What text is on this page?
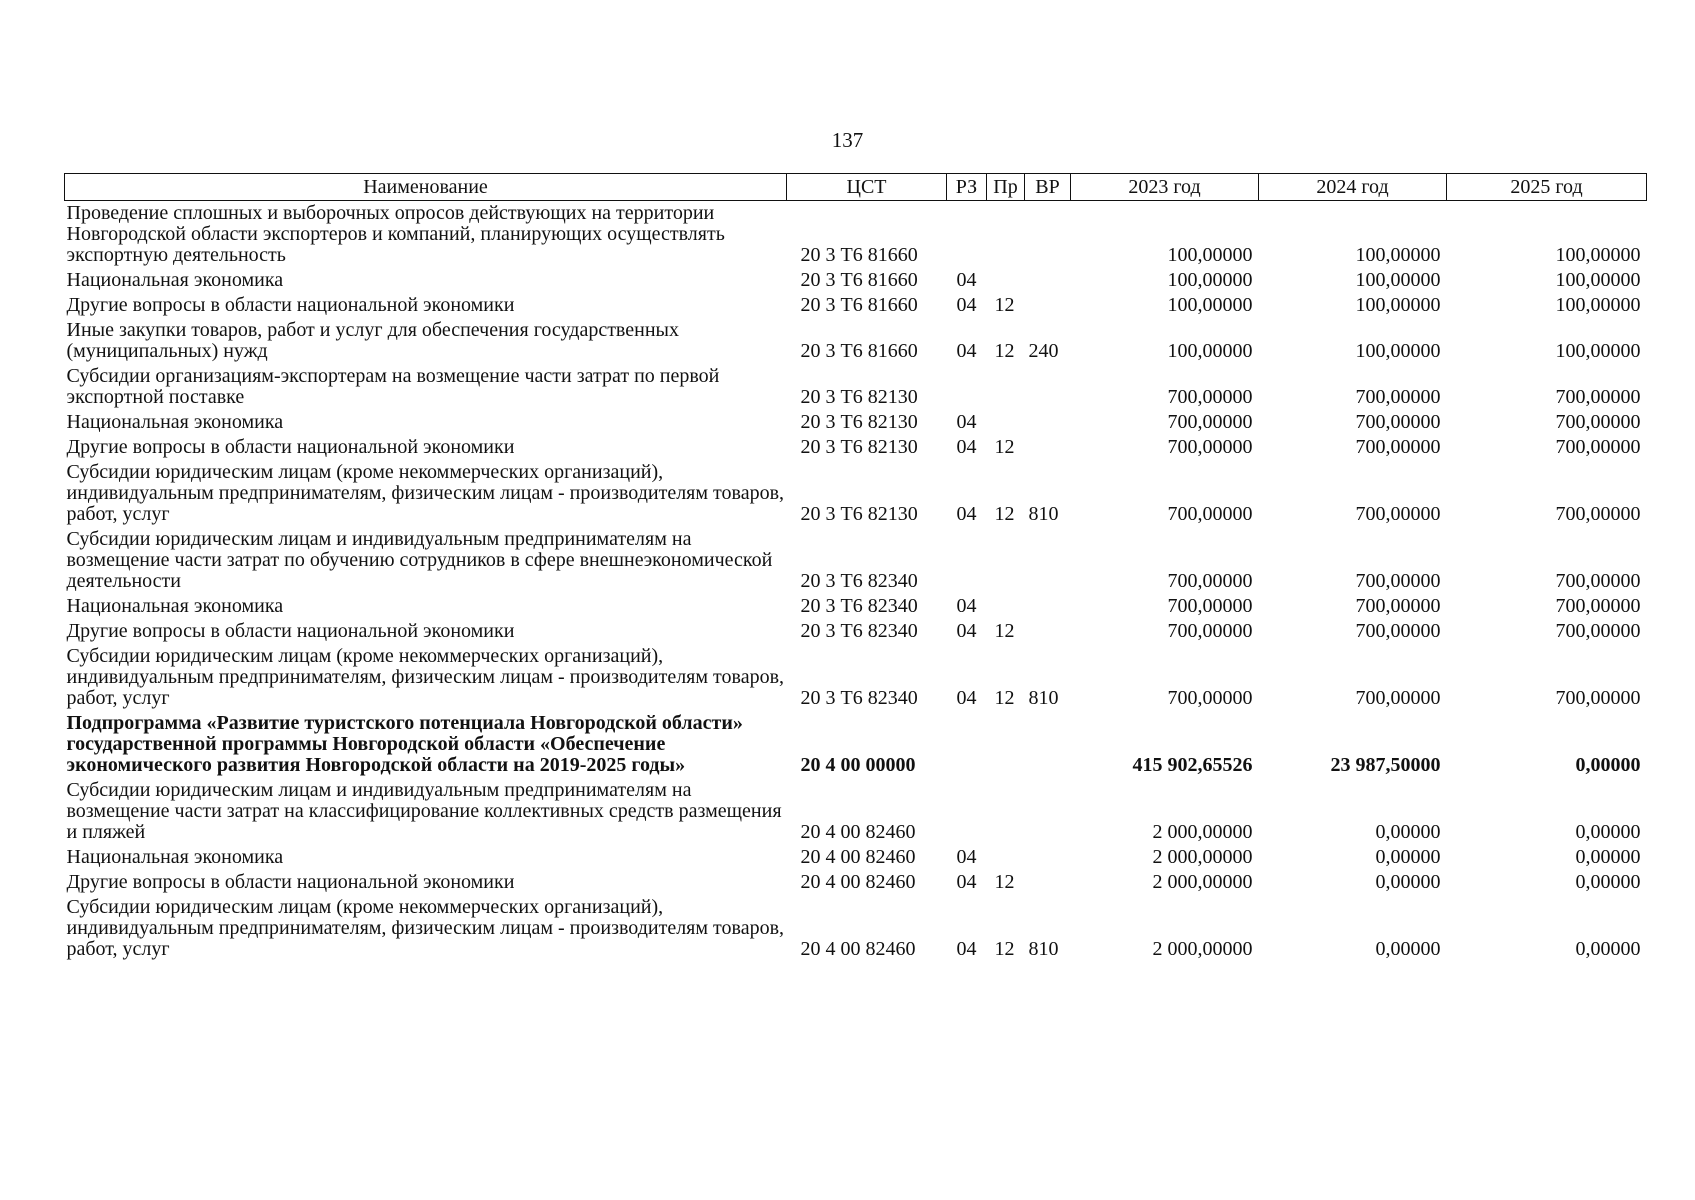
137
Наименование	ЦСТ	РЗ	Пр	ВР	2023 год	2024 год	2025 год
Проведение сплошных и выборочных опросов действующих на территории Новгородской области экспортеров и компаний, планирующих осуществлять экспортную деятельность	20 3 Т6 81660				100,00000	100,00000	100,00000
Национальная экономика	20 3 Т6 81660	04			100,00000	100,00000	100,00000
Другие вопросы в области национальной экономики	20 3 Т6 81660	04	12		100,00000	100,00000	100,00000
Иные закупки товаров, работ и услуг для обеспечения государственных (муниципальных) нужд	20 3 Т6 81660	04	12	240	100,00000	100,00000	100,00000
Субсидии организациям-экспортерам на возмещение части затрат по первой экспортной поставке	20 3 Т6 82130				700,00000	700,00000	700,00000
Национальная экономика	20 3 Т6 82130	04			700,00000	700,00000	700,00000
Другие вопросы в области национальной экономики	20 3 Т6 82130	04	12		700,00000	700,00000	700,00000
Субсидии юридическим лицам (кроме некоммерческих организаций), индивидуальным предпринимателям, физическим лицам - производителям товаров, работ, услуг	20 3 Т6 82130	04	12	810	700,00000	700,00000	700,00000
Субсидии юридическим лицам и индивидуальным предпринимателям на возмещение части затрат по обучению сотрудников в сфере внешнеэкономической деятельности	20 3 Т6 82340				700,00000	700,00000	700,00000
Национальная экономика	20 3 Т6 82340	04			700,00000	700,00000	700,00000
Другие вопросы в области национальной экономики	20 3 Т6 82340	04	12		700,00000	700,00000	700,00000
Субсидии юридическим лицам (кроме некоммерческих организаций), индивидуальным предпринимателям, физическим лицам - производителям товаров, работ, услуг	20 3 Т6 82340	04	12	810	700,00000	700,00000	700,00000
Подпрограмма «Развитие туристского потенциала Новгородской области» государственной программы Новгородской области «Обеспечение экономического развития Новгородской области на 2019-2025 годы»	20 4 00 00000				415 902,65526	23 987,50000	0,00000
Субсидии юридическим лицам и индивидуальным предпринимателям на возмещение части затрат на классифицирование коллективных средств размещения и пляжей	20 4 00 82460				2 000,00000	0,00000	0,00000
Национальная экономика	20 4 00 82460	04			2 000,00000	0,00000	0,00000
Другие вопросы в области национальной экономики	20 4 00 82460	04	12		2 000,00000	0,00000	0,00000
Субсидии юридическим лицам (кроме некоммерческих организаций), индивидуальным предпринимателям, физическим лицам - производителям товаров, работ, услуг	20 4 00 82460	04	12	810	2 000,00000	0,00000	0,00000
